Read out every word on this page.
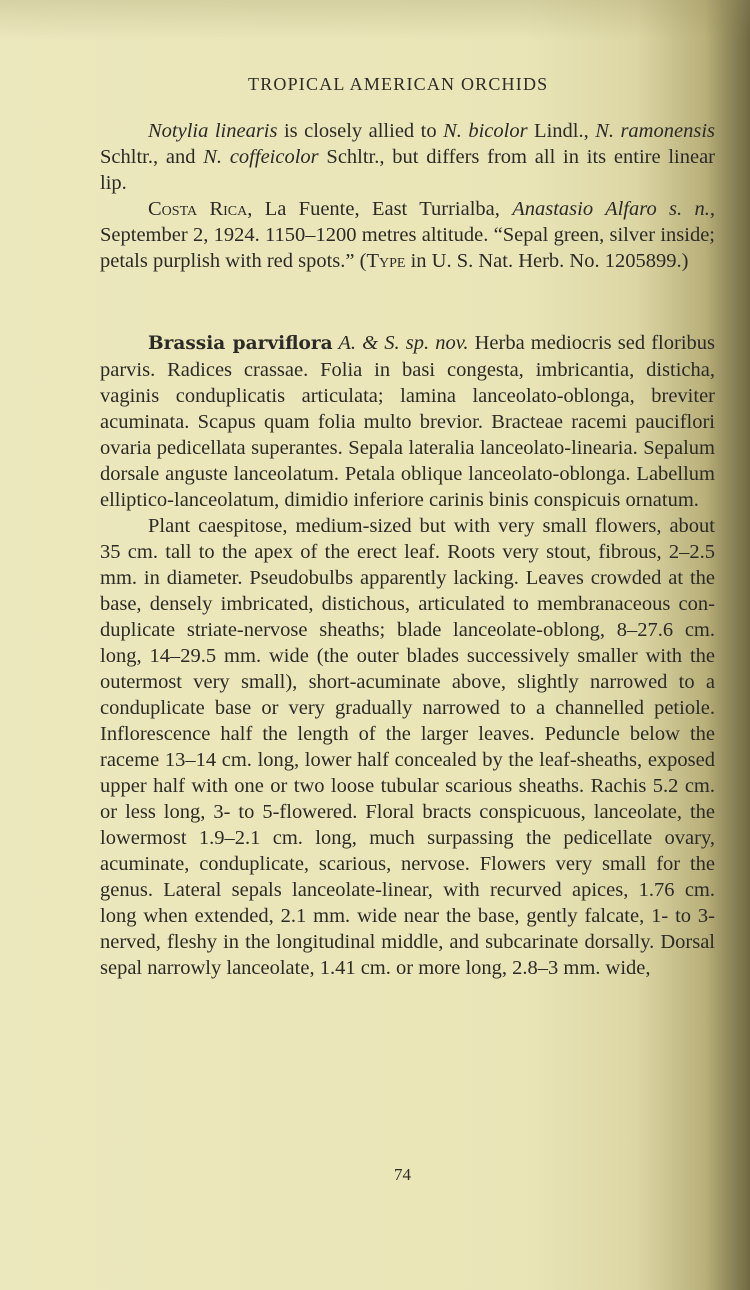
TROPICAL AMERICAN ORCHIDS

Notylia linearis is closely allied to N. bicolor Lindl., N. ramonensis Schltr., and N. coffeicolor Schltr., but differs from all in its entire linear lip.

Costa Rica, La Fuente, East Turrialba, Anastasio Alfaro s. n., September 2, 1924. 1150–1200 metres altitude. “Sepal green, silver inside; petals purplish with red spots.” (Type in U. S. Nat. Herb. No. 1205899.)

Brassia parviflora A. & S. sp. nov. Herba mediocris sed floribus parvis. Radices crassae. Folia in basi congesta, imbricantia, disticha, vaginis conduplicatis articulata; lamina lanceolato-oblonga, breviter acuminata. Scapus quam folia multo brevior. Bracteae racemi pauciflori ovaria pedicellata superantes. Sepala lateralia lanceolato-linearia. Sepalum dorsale anguste lanceolatum. Petala oblique lanceolato-oblonga. Labellum elliptico-lanceolatum, dimidio inferiore carinis binis conspicuis ornatum.

Plant caespitose, medium-sized but with very small flowers, about 35 cm. tall to the apex of the erect leaf. Roots very stout, fibrous, 2–2.5 mm. in diameter. Pseudobulbs apparently lacking. Leaves crowded at the base, densely imbricated, distichous, articulated to membranaceous conduplicate striate-nervose sheaths; blade lanceolate-oblong, 8–27.6 cm. long, 14–29.5 mm. wide (the outer blades successively smaller with the outermost very small), short-acuminate above, slightly narrowed to a conduplicate base or very gradually narrowed to a channelled petiole. Inflorescence half the length of the larger leaves. Peduncle below the raceme 13–14 cm. long, lower half concealed by the leaf-sheaths, exposed upper half with one or two loose tubular scarious sheaths. Rachis 5.2 cm. or less long, 3- to 5-flowered. Floral bracts conspicuous, lanceolate, the lowermost 1.9–2.1 cm. long, much surpassing the pedicellate ovary, acuminate, conduplicate, scarious, nervose. Flowers very small for the genus. Lateral sepals lanceolate-linear, with recurved apices, 1.76 cm. long when extended, 2.1 mm. wide near the base, gently falcate, 1- to 3-nerved, fleshy in the longitudinal middle, and subcarinate dorsally. Dorsal sepal narrowly lanceolate, 1.41 cm. or more long, 2.8–3 mm. wide,

74
